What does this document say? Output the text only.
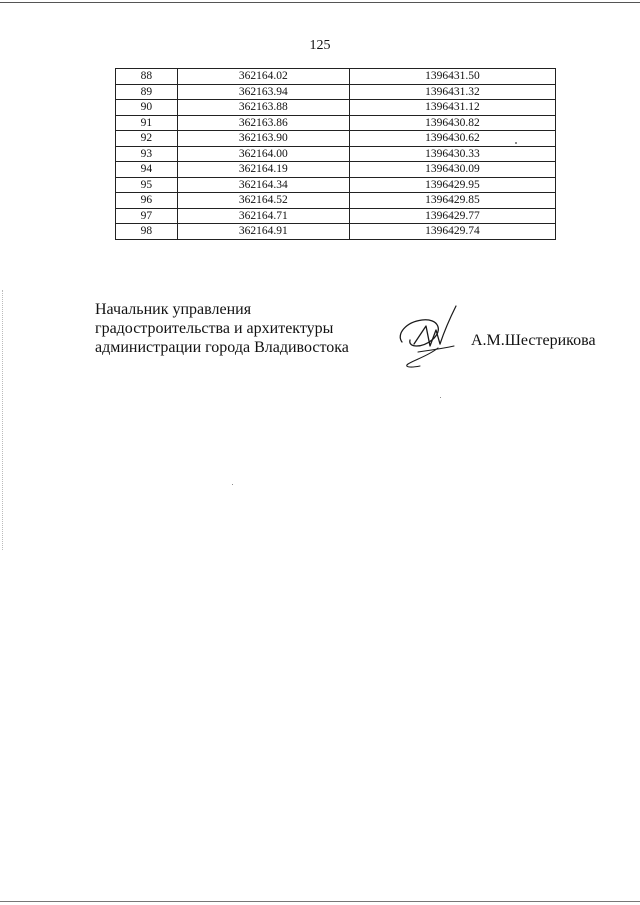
125
88	362164.02	1396431.50
89	362163.94	1396431.32
90	362163.88	1396431.12
91	362163.86	1396430.82
92	362163.90	1396430.62
93	362164.00	1396430.33
94	362164.19	1396430.09
95	362164.34	1396429.95
96	362164.52	1396429.85
97	362164.71	1396429.77
98	362164.91	1396429.74
Начальник управления
градостроительства и архитектуры
администрации города Владивостока	А.М.Шестерикова
